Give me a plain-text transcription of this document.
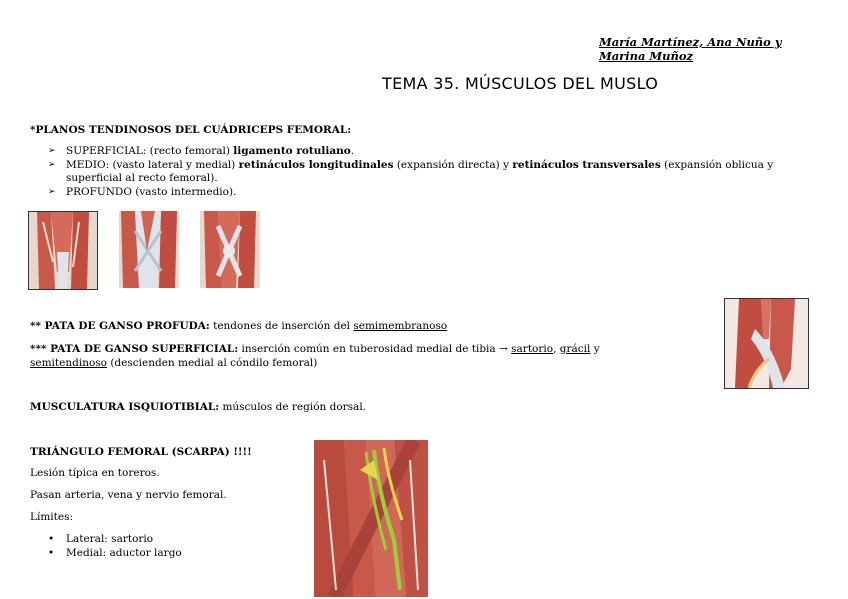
María Martínez, Ana Nuño y
Marina Muñoz
TEMA 35. MÚSCULOS DEL MUSLO
*PLANOS TENDINOSOS DEL CUÁDRICEPS FEMORAL:
➢ SUPERFICIAL: (recto femoral) ligamento rotuliano.
➢ MEDIO: (vasto lateral y medial) retináculos longitudinales (expansión directa) y retináculos transversales (expansión oblicua y
superficial al recto femoral).
➢ PROFUNDO (vasto intermedio).
** PATA DE GANSO PROFUDA: tendones de inserción del semimembranoso
*** PATA DE GANSO SUPERFICIAL: inserción común en tuberosidad medial de tibia → sartorio, grácil y
semitendinoso (descienden medial al cóndilo femoral)
MUSCULATURA ISQUIOTIBIAL: músculos de región dorsal.
TRIÁNGULO FEMORAL (SCARPA) !!!!
Lesión típica en toreros.
Pasan arteria, vena y nervio femoral.
Límites:
• Lateral: sartorio
• Medial: aductor largo
